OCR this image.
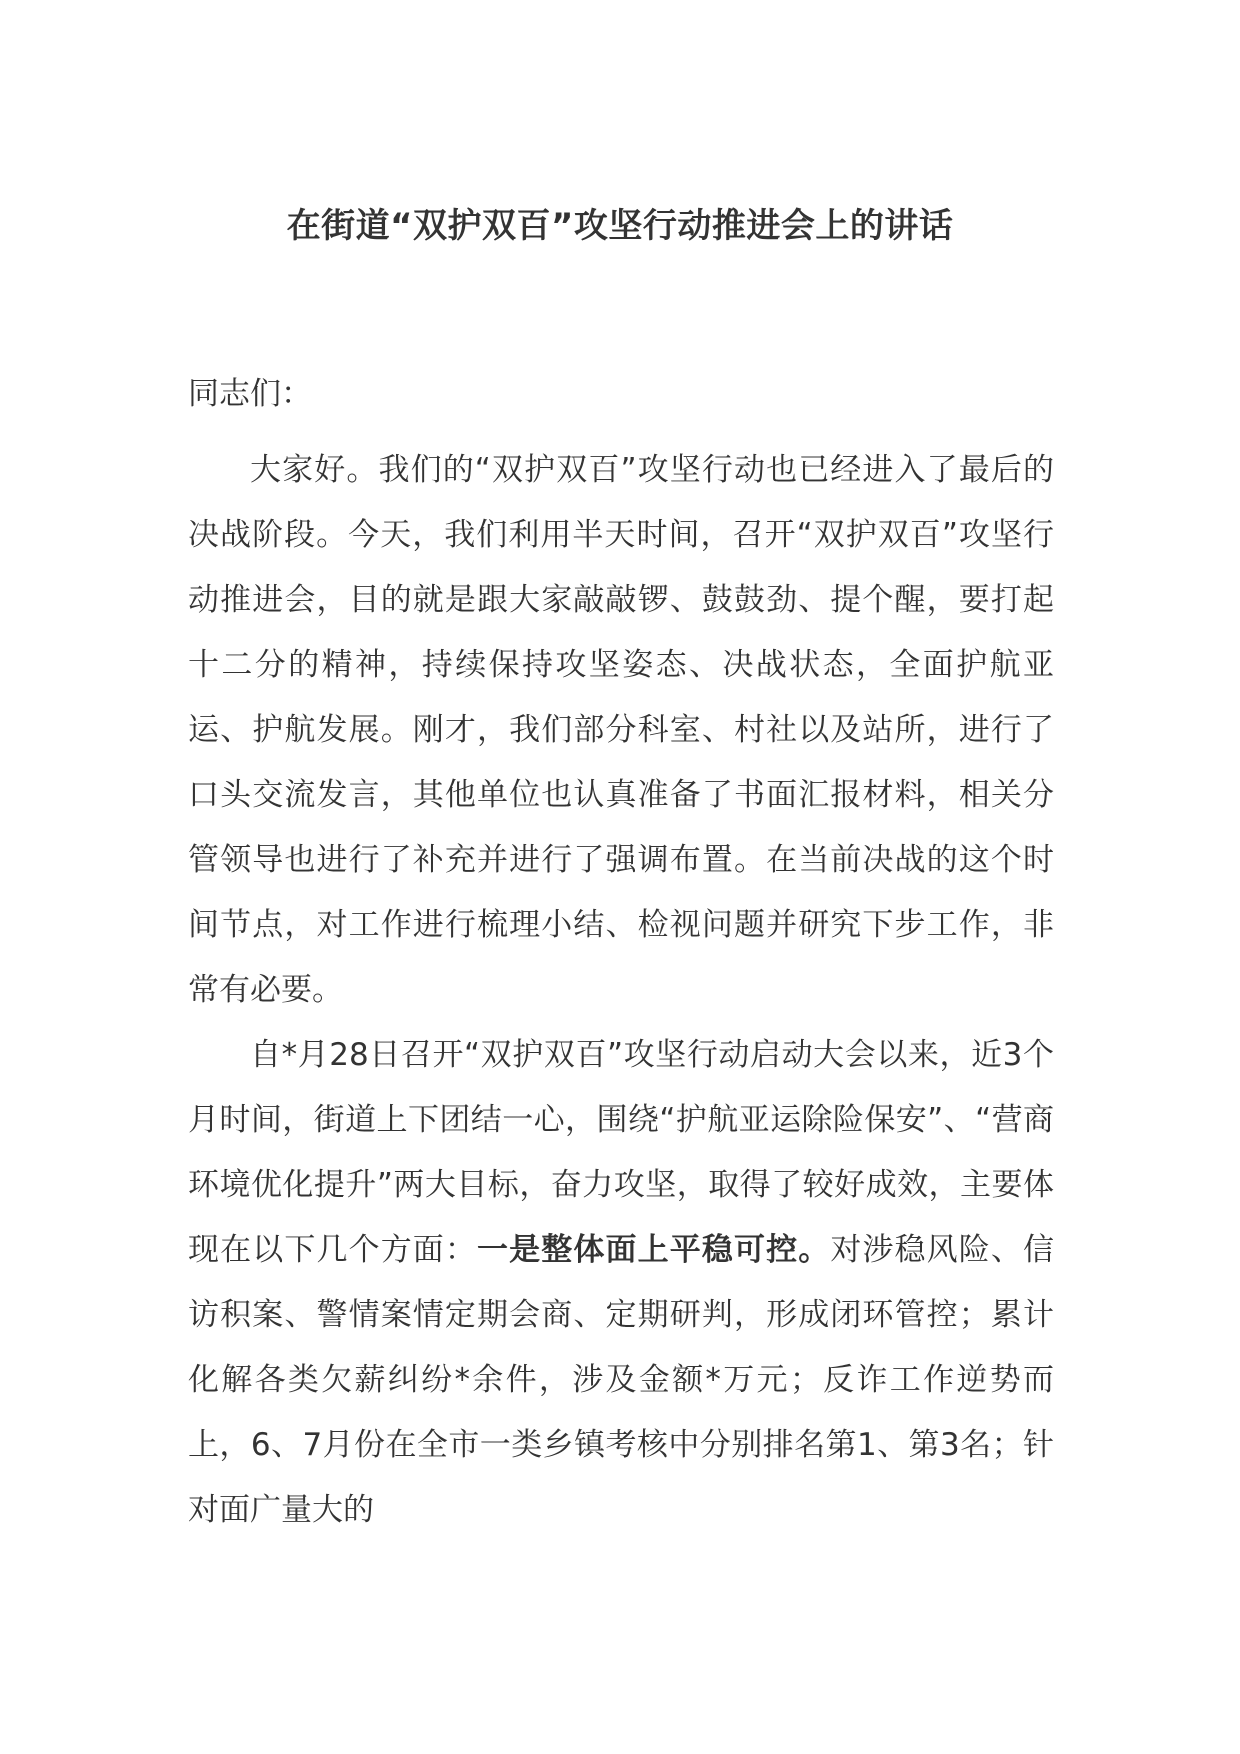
在街道“双护双百”攻坚行动推进会上的讲话
同志们：

大家好。我们的“双护双百”攻坚行动也已经进入了最后的决战阶段。今天，我们利用半天时间，召开“双护双百”攻坚行动推进会，目的就是跟大家敲敲锣、鼓鼓劲、提个醒，要打起十二分的精神，持续保持攻坚姿态、决战状态，全面护航亚运、护航发展。刚才，我们部分科室、村社以及站所，进行了口头交流发言，其他单位也认真准备了书面汇报材料，相关分管领导也进行了补充并进行了强调布置。在当前决战的这个时间节点，对工作进行梳理小结、检视问题并研究下步工作，非常有必要。

自*月28日召开“双护双百”攻坚行动启动大会以来，近3个月时间，街道上下团结一心，围绕“护航亚运除险保安”、“营商环境优化提升”两大目标，奋力攻坚，取得了较好成效，主要体现在以下几个方面：一是整体面上平稳可控。对涉稳风险、信访积案、警情案情定期会商、定期研判，形成闭环管控；累计化解各类欠薪纠纷*余件，涉及金额*万元；反诈工作逆势而上，6、7月份在全市一类乡镇考核中分别排名第1、第3名；针对面广量大的
